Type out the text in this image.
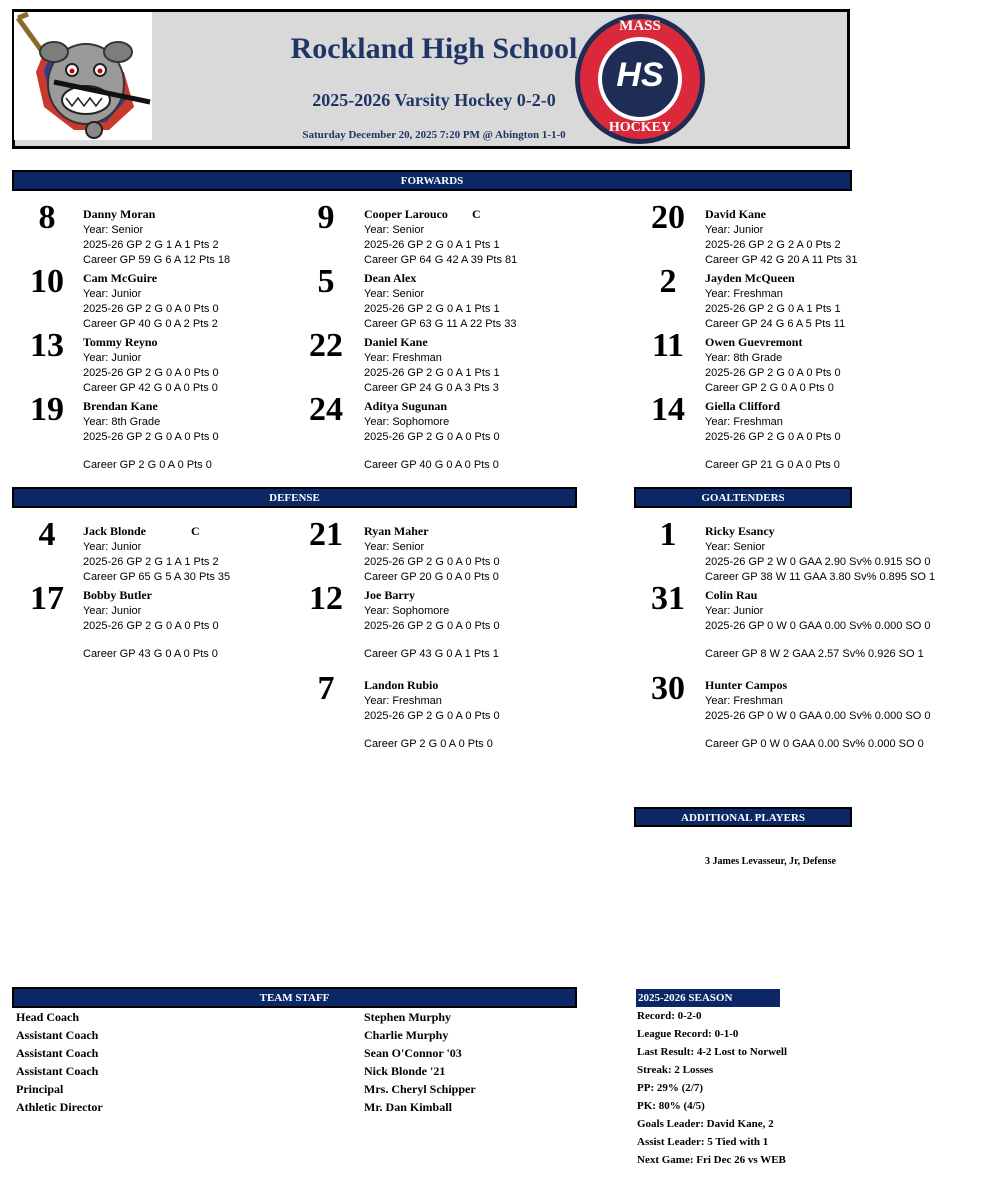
Rockland High School
2025-2026 Varsity Hockey 0-2-0
Saturday December 20, 2025 7:20 PM @ Abington 1-1-0
MASS
HS
HOCKEY
FORWARDS
8	Danny Moran
Year: Senior
2025-26 GP 2 G 1 A 1 Pts 2
Career GP 59 G 6 A 12 Pts 18
9	Cooper Larouco C
Year: Senior
2025-26 GP 2 G 0 A 1 Pts 1
Career GP 64 G 42 A 39 Pts 81
20	David Kane
Year: Junior
2025-26 GP 2 G 2 A 0 Pts 2
Career GP 42 G 20 A 11 Pts 31
10	Cam McGuire
Year: Junior
2025-26 GP 2 G 0 A 0 Pts 0
Career GP 40 G 0 A 2 Pts 2
5	Dean Alex
Year: Senior
2025-26 GP 2 G 0 A 1 Pts 1
Career GP 63 G 11 A 22 Pts 33
2	Jayden McQueen
Year: Freshman
2025-26 GP 2 G 0 A 1 Pts 1
Career GP 24 G 6 A 5 Pts 11
13	Tommy Reyno
Year: Junior
2025-26 GP 2 G 0 A 0 Pts 0
Career GP 42 G 0 A 0 Pts 0
22	Daniel Kane
Year: Freshman
2025-26 GP 2 G 0 A 1 Pts 1
Career GP 24 G 0 A 3 Pts 3
11	Owen Guevremont
Year: 8th Grade
2025-26 GP 2 G 0 A 0 Pts 0
Career GP 2 G 0 A 0 Pts 0
19	Brendan Kane
Year: 8th Grade
2025-26 GP 2 G 0 A 0 Pts 0
Career GP 2 G 0 A 0 Pts 0
24	Aditya Sugunan
Year: Sophomore
2025-26 GP 2 G 0 A 0 Pts 0
Career GP 40 G 0 A 0 Pts 0
14	Giella Clifford
Year: Freshman
2025-26 GP 2 G 0 A 0 Pts 0
Career GP 21 G 0 A 0 Pts 0
DEFENSE	GOALTENDERS
4	Jack Blonde	C
Year: Junior
2025-26 GP 2 G 1 A 1 Pts 2
Career GP 65 G 5 A 30 Pts 35
21	Ryan Maher
Year: Senior
2025-26 GP 2 G 0 A 0 Pts 0
Career GP 20 G 0 A 0 Pts 0
17	Bobby Butler
Year: Junior
2025-26 GP 2 G 0 A 0 Pts 0
Career GP 43 G 0 A 0 Pts 0
12	Joe Barry
Year: Sophomore
2025-26 GP 2 G 0 A 0 Pts 0
Career GP 43 G 0 A 1 Pts 1
7	Landon Rubio
Year: Freshman
2025-26 GP 2 G 0 A 0 Pts 0
Career GP 2 G 0 A 0 Pts 0
1	Ricky Esancy
Year: Senior
2025-26 GP 2 W 0 GAA 2.90 Sv% 0.915 SO 0
Career GP 38 W 11 GAA 3.80 Sv% 0.895 SO 1
31	Colin Rau
Year: Junior
2025-26 GP 0 W 0 GAA 0.00 Sv% 0.000 SO 0
Career GP 8 W 2 GAA 2.57 Sv% 0.926 SO 1
30	Hunter Campos
Year: Freshman
2025-26 GP 0 W 0 GAA 0.00 Sv% 0.000 SO 0
Career GP 0 W 0 GAA 0.00 Sv% 0.000 SO 0
ADDITIONAL PLAYERS
3 James Levasseur, Jr, Defense
TEAM STAFF
Head Coach	Stephen Murphy
Assistant Coach	Charlie Murphy
Assistant Coach	Sean O'Connor '03
Assistant Coach	Nick Blonde '21
Principal	Mrs. Cheryl Schipper
Athletic Director	Mr. Dan Kimball
2025-2026 SEASON
Record: 0-2-0
League Record: 0-1-0
Last Result: 4-2 Lost to Norwell
Streak: 2 Losses
PP: 29% (2/7)
PK: 80% (4/5)
Goals Leader: David Kane, 2
Assist Leader: 5 Tied with 1
Next Game: Fri Dec 26 vs WEB
